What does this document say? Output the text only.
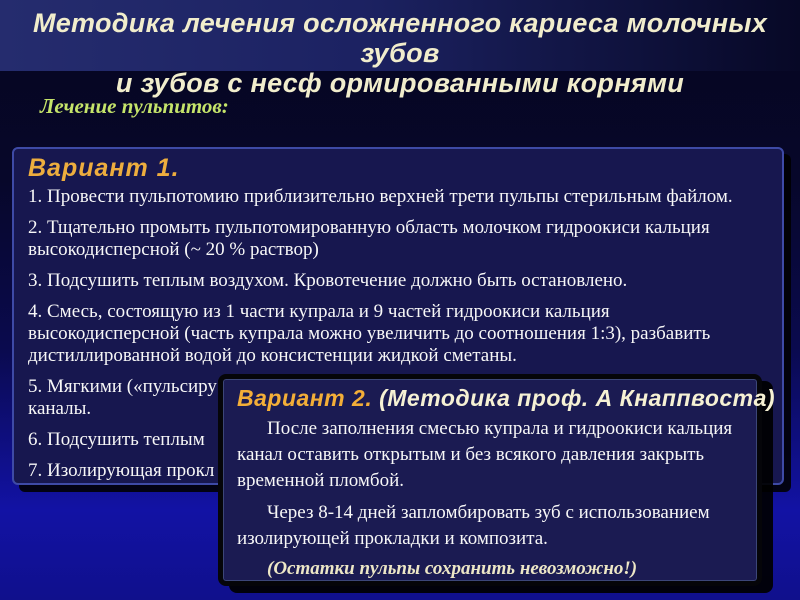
Методика лечения осложненного кариеса молочных зубов
и зубов с несф ормированными корнями
Лечение пульпитов:
Вариант 1.
1. Провести пульпотомию приблизительно верхней трети пульпы стерильным файлом.
2. Тщательно промыть пульпотомированную область молочком гидроокиси кальция
высокодисперсной (~ 20 % раствор)
3. Подсушить теплым воздухом. Кровотечение должно быть остановлено.
4. Смесь, состоящую из 1 части купрала и 9 частей гидроокиси кальция
высокодисперсной (часть купрала можно увеличить до соотношения 1:3), разбавить
дистиллированной водой до консистенции жидкой сметаны.
5. Мягкими («пульсиру
каналы.
6. Подсушить теплым
7. Изолирующая прокл
Вариант 2. (Методика проф. А Кнаппвоста)
После заполнения смесью купрала и гидроокиси кальция
канал оставить открытым и без всякого давления закрыть
временной пломбой.
Через 8-14 дней запломбировать зуб с использованием
изолирующей прокладки и композита.
(Остатки пульпы сохранить невозможно!)
